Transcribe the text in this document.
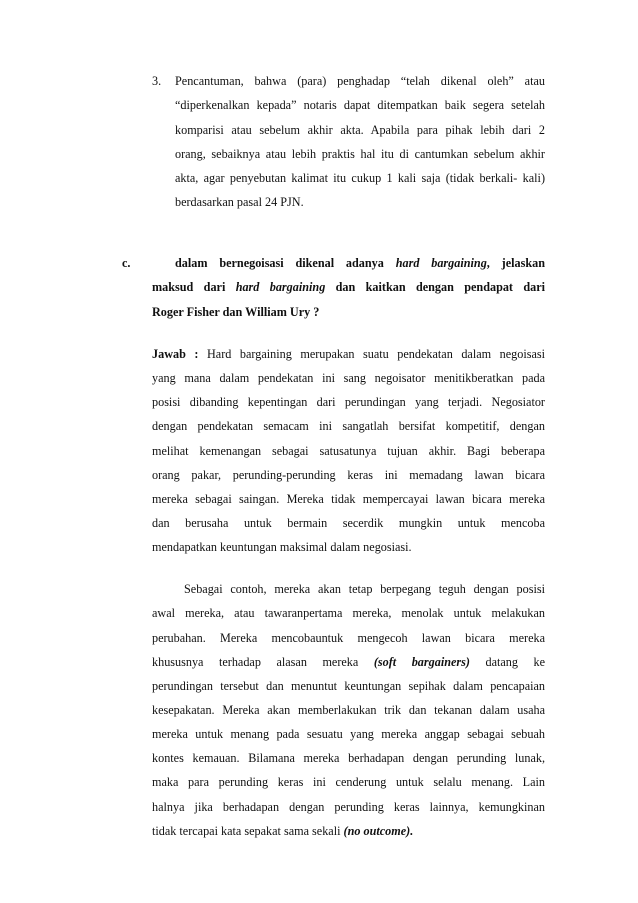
3. Pencantuman, bahwa (para) penghadap “telah dikenal oleh” atau
“diperkenalkan kepada” notaris dapat ditempatkan baik segera setelah
komparisi atau sebelum akhir akta. Apabila para pihak lebih dari 2
orang, sebaiknya atau lebih praktis hal itu di cantumkan sebelum akhir
akta, agar penyebutan kalimat itu cukup 1 kali saja (tidak berkali- kali)
berdasarkan pasal 24 PJN.
c.	dalam bernegoisasi dikenal adanya hard bargaining, jelaskan
maksud dari hard bargaining dan kaitkan dengan pendapat dari
Roger Fisher dan William Ury ?
Jawab : Hard bargaining merupakan suatu pendekatan dalam negoisasi
yang mana dalam pendekatan ini sang negoisator menitikberatkan pada
posisi dibanding kepentingan dari perundingan yang terjadi. Negosiator
dengan pendekatan semacam ini sangatlah bersifat kompetitif, dengan
melihat kemenangan sebagai satusatunya tujuan akhir. Bagi beberapa
orang pakar, perunding-perunding keras ini memadang lawan bicara
mereka sebagai saingan. Mereka tidak mempercayai lawan bicara mereka
dan berusaha untuk bermain secerdik mungkin untuk mencoba
mendapatkan keuntungan maksimal dalam negosiasi.
Sebagai contoh, mereka akan tetap berpegang teguh dengan posisi
awal mereka, atau tawaranpertama mereka, menolak untuk melakukan
perubahan. Mereka mencobauntuk mengecoh lawan bicara mereka
khususnya terhadap alasan mereka (soft bargainers) datang ke
perundingan tersebut dan menuntut keuntungan sepihak dalam pencapaian
kesepakatan. Mereka akan memberlakukan trik dan tekanan dalam usaha
mereka untuk menang pada sesuatu yang mereka anggap sebagai sebuah
kontes kemauan. Bilamana mereka berhadapan dengan perunding lunak,
maka para perunding keras ini cenderung untuk selalu menang. Lain
halnya jika berhadapan dengan perunding keras lainnya, kemungkinan
tidak tercapai kata sepakat sama sekali (no outcome).
